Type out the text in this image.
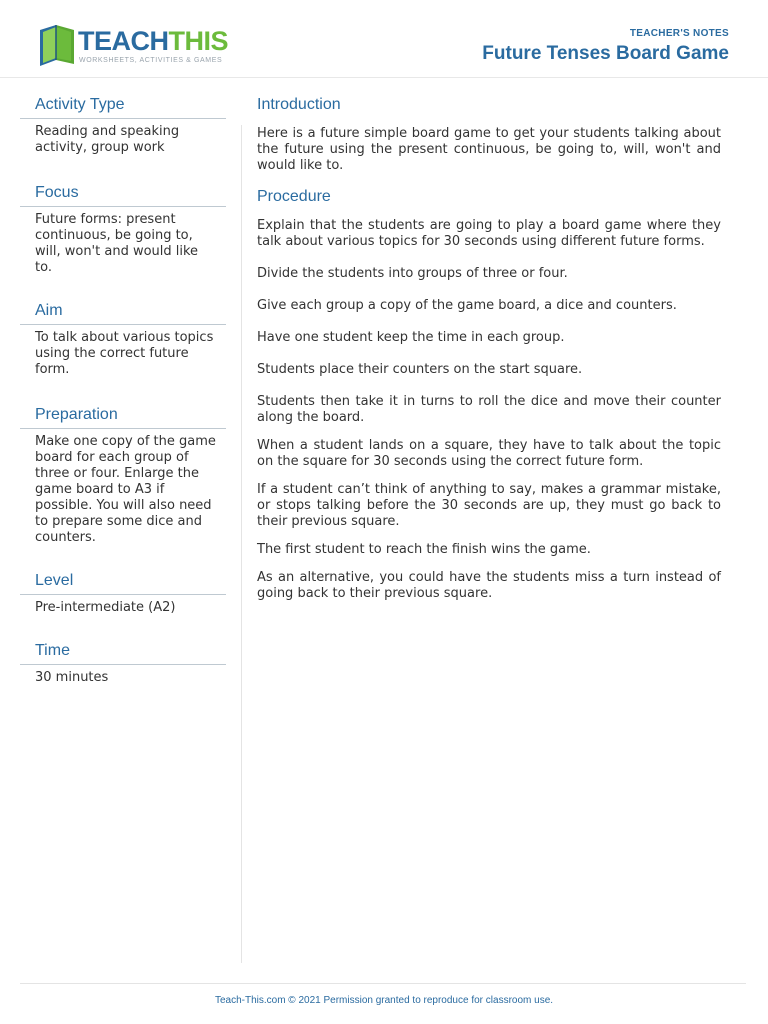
TEACHTHIS
WORKSHEETS, ACTIVITIES & GAMES
TEACHER'S NOTES
Future Tenses Board Game
Activity Type
Reading and speaking activity, group work
Focus
Future forms: present continuous, be going to, will, won't and would like to.
Aim
To talk about various topics using the correct future form.
Preparation
Make one copy of the game board for each group of three or four. Enlarge the game board to A3 if possible. You will also need to prepare some dice and counters.
Level
Pre-intermediate (A2)
Time
30 minutes
Introduction

Here is a future simple board game to get your students talking about the future using the present continuous, be going to, will, won't and would like to.

Procedure

Explain that the students are going to play a board game where they talk about various topics for 30 seconds using different future forms.

Divide the students into groups of three or four.

Give each group a copy of the game board, a dice and counters.

Have one student keep the time in each group.

Students place their counters on the start square.

Students then take it in turns to roll the dice and move their counter along the board.

When a student lands on a square, they have to talk about the topic on the square for 30 seconds using the correct future form.

If a student can’t think of anything to say, makes a grammar mistake, or stops talking before the 30 seconds are up, they must go back to their previous square.

The first student to reach the finish wins the game.

As an alternative, you could have the students miss a turn instead of going back to their previous square.

Teach-This.com © 2021 Permission granted to reproduce for classroom use.
